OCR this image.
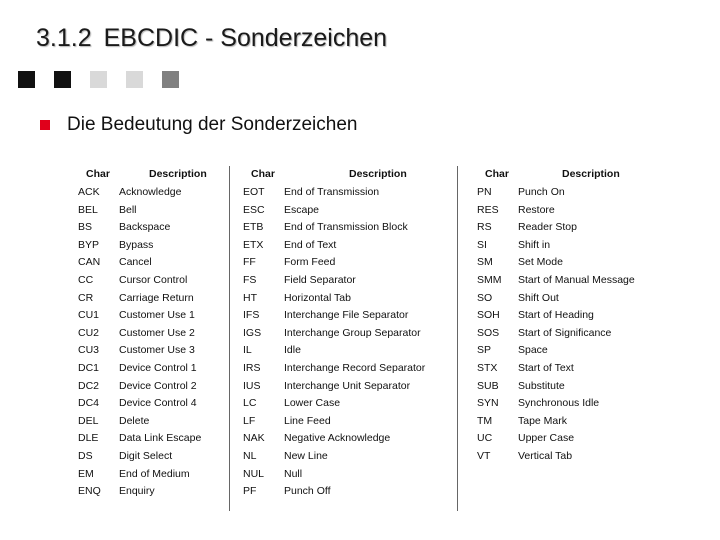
3.1.2 EBCDIC - Sonderzeichen
Die Bedeutung der Sonderzeichen
Char	Description
ACK Acknowledge
BEL Bell
BS	Backspace
BYP Bypass
CAN Cancel
CC Cursor Control
CR Carriage Return
CU1 Customer Use 1
CU2 Customer Use 2
CU3 Customer Use 3
DC1 Device Control 1
DC2 Device Control 2
DC4 Device Control 4
DEL Delete
DLE Data Link Escape
DS	Digit Select
EM End of Medium
ENQ Enquiry
Char	Description
EOT End of Transmission
ESC Escape
ETB End of Transmission Block
ETX End of Text
FF	Form Feed
FS	Field Separator
HT	Horizontal Tab
IFS Interchange File Separator
IGS Interchange Group Separator
IL	Idle
IRS Interchange Record Separator
IUS Interchange Unit Separator
LC	Lower Case
LF	Line Feed
NAK Negative Acknowledge
NL	New Line
NUL Null
PF	Punch Off
Char	Description
PN	Punch On
RES Restore
RS	Reader Stop
SI	Shift in
SM Set Mode
SMM Start of Manual Message
SO Shift Out
SOH Start of Heading
SOS Start of Significance
SP	Space
STX Start of Text
SUB Substitute
SYN Synchronous Idle
TM Tape Mark
UC Upper Case
VT	Vertical Tab
